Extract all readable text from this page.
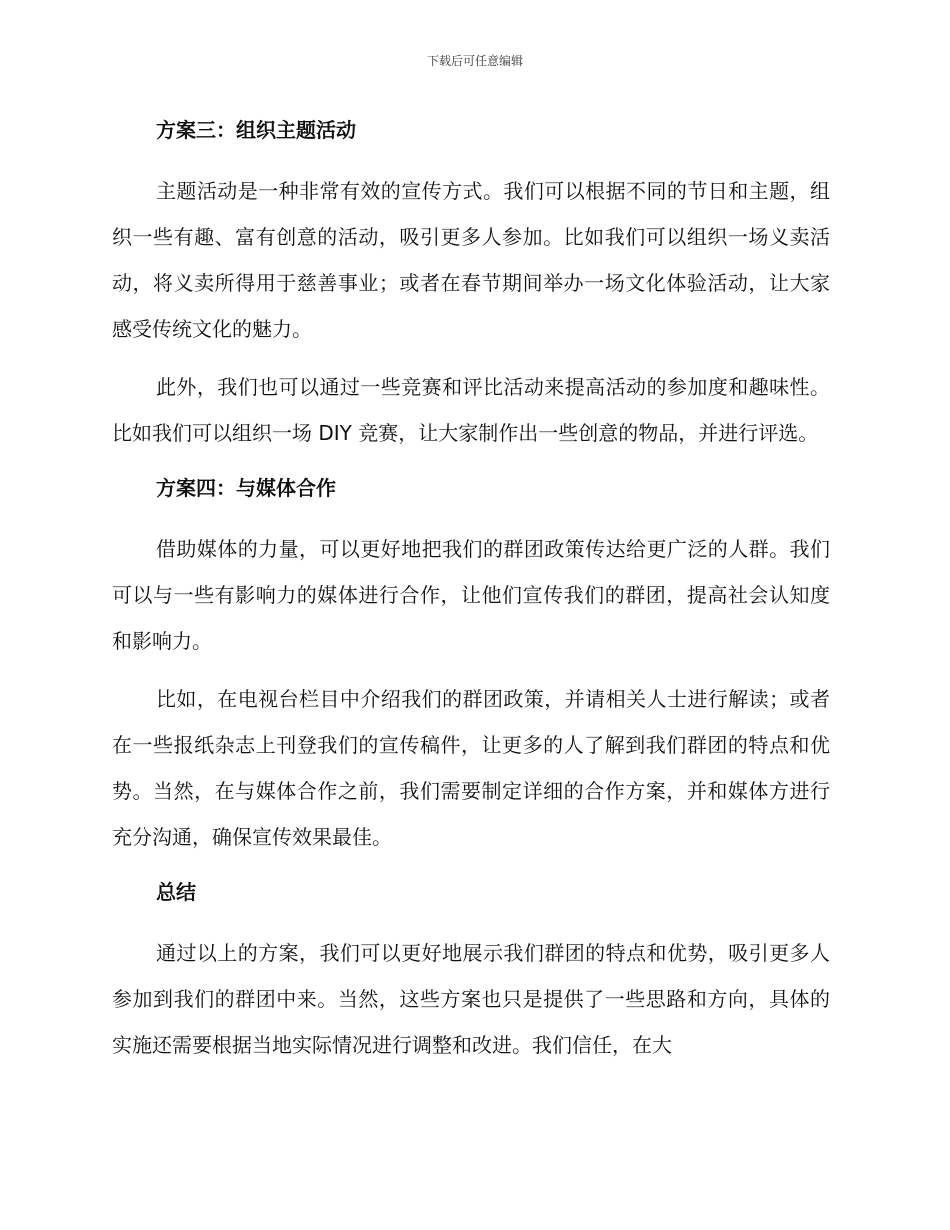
下载后可任意编辑
方案三：组织主题活动

主题活动是一种非常有效的宣传方式。我们可以根据不同的节日和主题，组织一些有趣、富有创意的活动，吸引更多人参加。比如我们可以组织一场义卖活动，将义卖所得用于慈善事业；或者在春节期间举办一场文化体验活动，让大家感受传统文化的魅力。

此外，我们也可以通过一些竞赛和评比活动来提高活动的参加度和趣味性。比如我们可以组织一场 DIY 竞赛，让大家制作出一些创意的物品，并进行评选。

方案四：与媒体合作

借助媒体的力量，可以更好地把我们的群团政策传达给更广泛的人群。我们可以与一些有影响力的媒体进行合作，让他们宣传我们的群团，提高社会认知度和影响力。

比如，在电视台栏目中介绍我们的群团政策，并请相关人士进行解读；或者在一些报纸杂志上刊登我们的宣传稿件，让更多的人了解到我们群团的特点和优势。当然，在与媒体合作之前，我们需要制定详细的合作方案，并和媒体方进行充分沟通，确保宣传效果最佳。

总结

通过以上的方案，我们可以更好地展示我们群团的特点和优势，吸引更多人参加到我们的群团中来。当然，这些方案也只是提供了一些思路和方向，具体的实施还需要根据当地实际情况进行调整和改进。我们信任，在大
